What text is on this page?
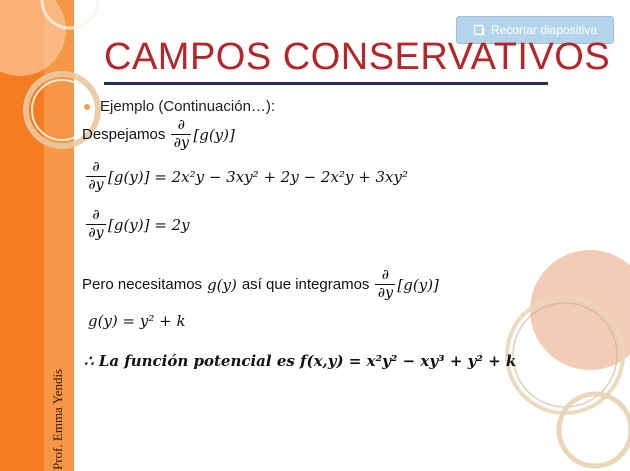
Recortar diapositiva
CAMPOS CONSERVATIVOS
Ejemplo (Continuación…):
Despejamos $\frac{\partial}{\partial y} [g(y)]$
$\frac{\partial}{\partial y} [g(y)] = 2x^2y - 3xy^2 + 2y - 2x^2y + 3xy^2$
$\frac{\partial}{\partial y} [g(y)] = 2y$
Pero necesitamos g(y) así que integramos $\frac{\partial}{\partial y} [g(y)]$
g(y) = y² + k
∴ La función potencial es f(x,y) = x²y² − xy³ + y² + k
Prof. Emma Yendis
